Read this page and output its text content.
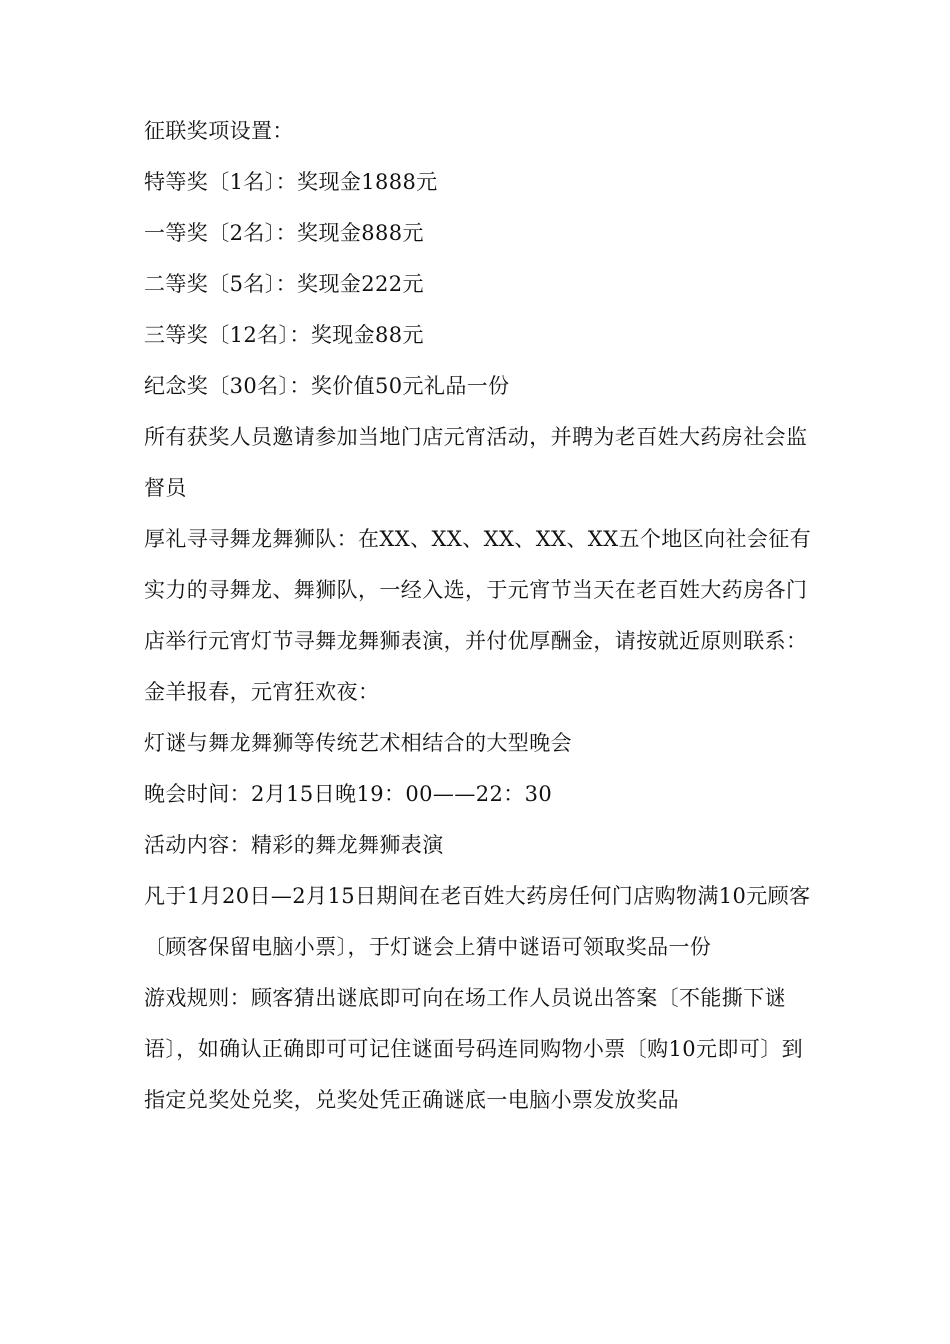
征联奖项设置：

特等奖〔1名〕：奖现金1888元

一等奖〔2名〕：奖现金888元

二等奖〔5名〕：奖现金222元

三等奖〔12名〕：奖现金88元

纪念奖〔30名〕：奖价值50元礼品一份

所有获奖人员邀请参加当地门店元宵活动，并聘为老百姓大药房社会监督员

厚礼寻寻舞龙舞狮队：在XX、XX、XX、XX、XX五个地区向社会征有实力的寻舞龙、舞狮队，一经入选，于元宵节当天在老百姓大药房各门店举行元宵灯节寻舞龙舞狮表演，并付优厚酬金，请按就近原则联系：

金羊报春，元宵狂欢夜：

灯谜与舞龙舞狮等传统艺术相结合的大型晚会

晚会时间：2月15日晚19：00——22：30

活动内容：精彩的舞龙舞狮表演

凡于1月20日—2月15日期间在老百姓大药房任何门店购物满10元顾客〔顾客保留电脑小票〕，于灯谜会上猜中谜语可领取奖品一份

游戏规则：顾客猜出谜底即可向在场工作人员说出答案〔不能撕下谜语〕，如确认正确即可可记住谜面号码连同购物小票〔购10元即可〕到指定兑奖处兑奖，兑奖处凭正确谜底一电脑小票发放奖品
